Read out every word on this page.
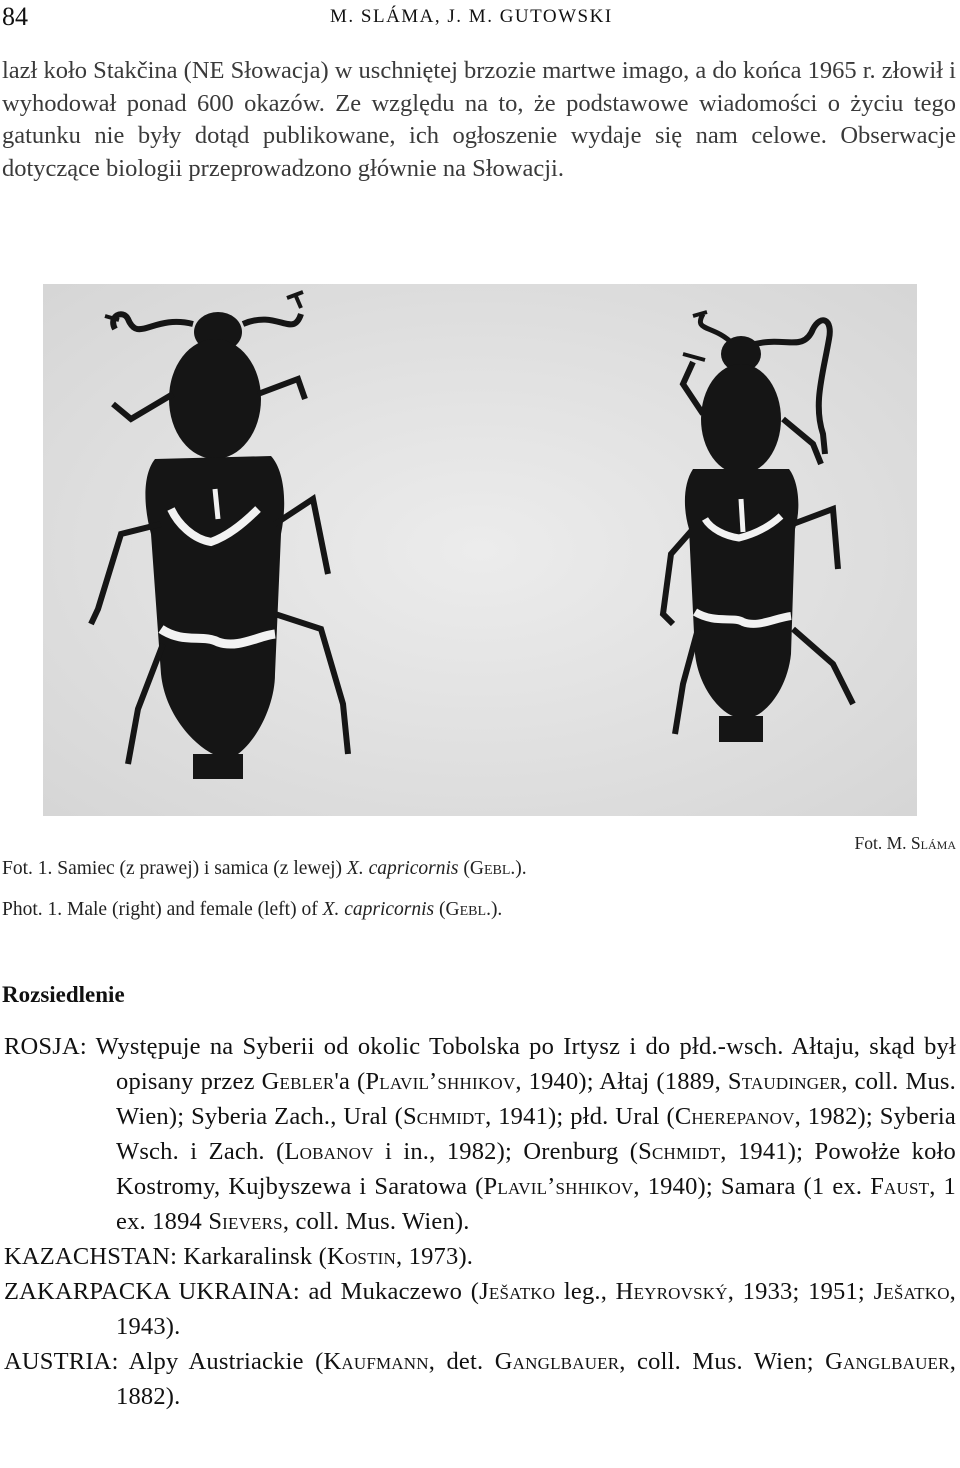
84	M. SLÁMA, J. M. GUTOWSKI

lazł koło Stakčina (NE Słowacja) w uschniętej brzozie martwe imago, a do końca 1965 r. złowił i wyhodował ponad 600 okazów. Ze względu na to, że podstawowe wiadomości o życiu tego gatunku nie były dotąd publikowane, ich ogłoszenie wydaje się nam celowe. Obserwacje dotyczące biologii przeprowadzono głównie na Słowacji.

Fot. M. Sláma
Fot. 1. Samiec (z prawej) i samica (z lewej) X. capricornis (Gebl.).
Phot. 1. Male (right) and female (left) of X. capricornis (Gebl.).
Rozsiedlenie

ROSJA: Występuje na Syberii od okolic Tobolska po Irtysz i do płd.-wsch. Ałtaju, skąd był opisany przez Gebler'a (Plavil’shhikov, 1940); Ałtaj (1889, Staudinger, coll. Mus. Wien); Syberia Zach., Ural (Schmidt, 1941); płd. Ural (Cherepanov, 1982); Syberia Wsch. i Zach. (Lobanov i in., 1982); Orenburg (Schmidt, 1941); Powołże koło Kostromy, Kujbyszewa i Saratowa (Plavil’shhikov, 1940); Samara (1 ex. Faust, 1 ex. 1894 Sievers, coll. Mus. Wien).

KAZACHSTAN: Karkaralinsk (Kostin, 1973).

ZAKARPACKA UKRAINA: ad Mukaczewo (Ješatko leg., Heyrovský, 1933; 1951; Ješatko, 1943).

AUSTRIA: Alpy Austriackie (Kaufmann, det. Ganglbauer, coll. Mus. Wien; Ganglbauer, 1882).
